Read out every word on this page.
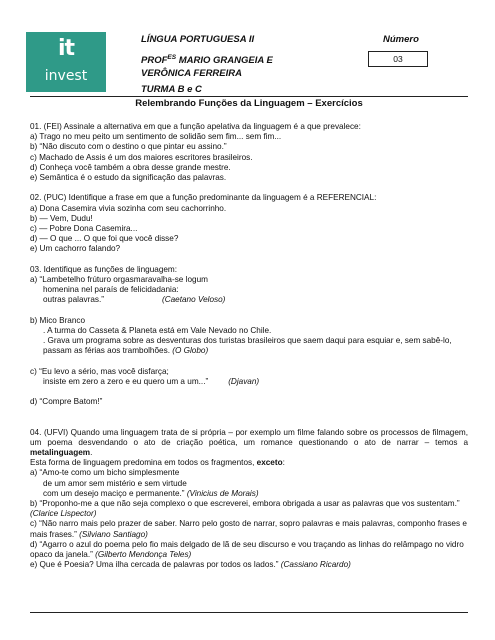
it
invest
LÍNGUA PORTUGUESA II
$PROF^{ES}$ MARIO GRANGEIA E
VERÔNICA FERREIRA
TURMA B e C
Número
03
Relembrando Funções da Linguagem – Exercícios
01. (FEI) Assinale a alternativa em que a função apelativa da linguagem é a que prevalece:
a) Trago no meu peito um sentimento de solidão sem fim... sem fim...
b) “Não discuto com o destino o que pintar eu assino.”
c) Machado de Assis é um dos maiores escritores brasileiros.
d) Conheça você também a obra desse grande mestre.
e) Semântica é o estudo da significação das palavras.
02. (PUC) Identifique a frase em que a função predominante da linguagem é a REFERENCIAL:
a) Dona Casemira vivia sozinha com seu cachorrinho.
b) — Vem, Dudu!
c) — Pobre Dona Casemira...
d) — O que ... O que foi que você disse?
e) Um cachorro falando?
03. Identifique as funções de linguagem:
a) “Lambetelho frúturo orgasmaravalha-se logum
homenina nel paraís de felicidadania:
outras palavras.”	(Caetano Veloso)
b) Mico Branco
. A turma do Casseta & Planeta está em Vale Nevado no Chile.
. Grava um programa sobre as desventuras dos turistas brasileiros que saem daqui para esquiar e, sem sabê-lo, passam as férias aos trambolhões. (O Globo)
c) “Eu levo a sério, mas você disfarça;
insiste em zero a zero e eu quero um a um...” (Djavan)
d) “Compre Batom!”
04. (UFVI) Quando uma linguagem trata de si própria – por exemplo um filme falando sobre os processos de filmagem, um poema desvendando o ato de criação poética, um romance questionando o ato de narrar – temos a metalinguagem.
Esta forma de linguagem predomina em todos os fragmentos, exceto:
a) “Amo-te como um bicho simplesmente
de um amor sem mistério e sem virtude
com um desejo maciço e permanente.” (Vinicius de Morais)
b) “Proponho-me a que não seja complexo o que escreverei, embora obrigada a usar as palavras que vos sustentam.” (Clarice Lispector)
c) “Não narro mais pelo prazer de saber. Narro pelo gosto de narrar, sopro palavras e mais palavras, componho frases e mais frases.” (Silviano Santiago)
d) “Agarro o azul do poema pelo fio mais delgado de lã de seu discurso e vou traçando as linhas do relâmpago no vidro opaco da janela.” (Gilberto Mendonça Teles)
e) Que é Poesia? Uma ilha cercada de palavras por todos os lados.” (Cassiano Ricardo)
